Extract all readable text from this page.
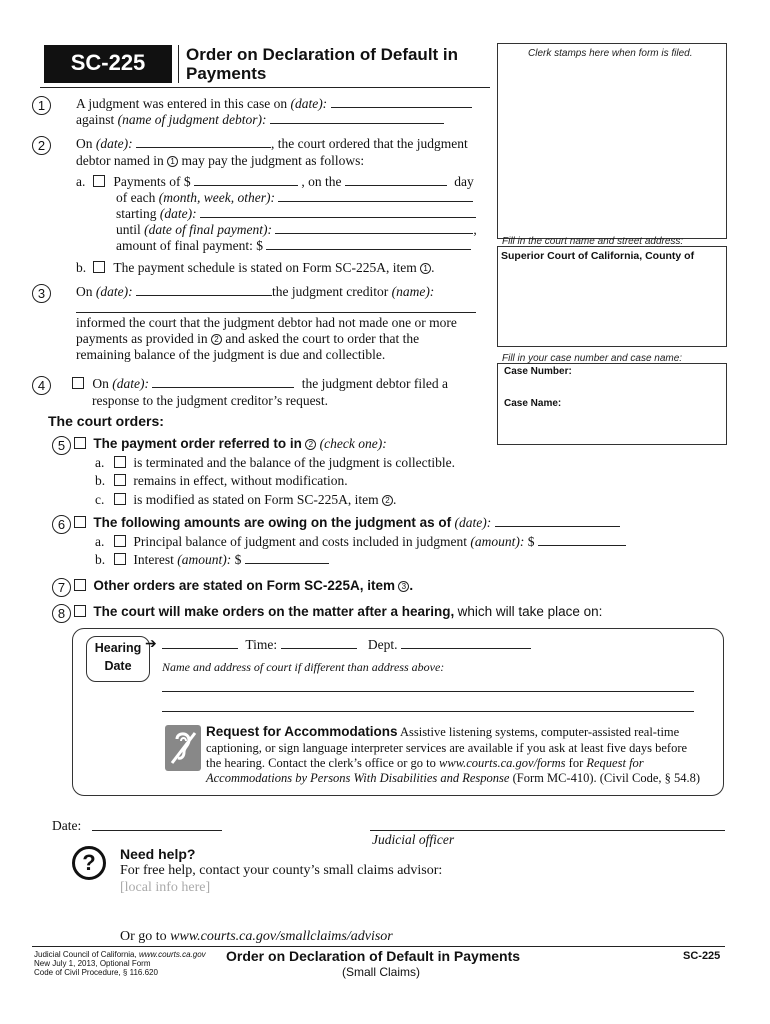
SC-225	Order on Declaration of Default in
Payments
Clerk stamps here when form is filed.
Fill in the court name and street address:
Superior Court of California, County of
Fill in your case number and case name:
Case Number:
Case Name:
1	A judgment was entered in this case on (date):
against (name of judgment debtor):
2	On (date):	, the court ordered that the judgment
debtor named in 1 may pay the judgment as follows:
a.	Payments of $	, on the	day
of each (month, week, other):
starting (date):
until (date of final payment):	,
amount of final payment: $
b.	The payment schedule is stated on Form SC-225A, item 1 .
3	On (date):	the judgment creditor (name):
informed the court that the judgment debtor had not made one or more
payments as provided in 2 and asked the court to order that the
remaining balance of the judgment is due and collectible.
4	On (date):	the judgment debtor filed a
response to the judgment creditor’s request.
The court orders:
5	The payment order referred to in 2 (check one):
a.	is terminated and the balance of the judgment is collectible.
b.	remains in effect, without modification.
c.	is modified as stated on Form SC-225A, item 2 .
6	The following amounts are owing on the judgment as of (date):
a.	Principal balance of judgment and costs included in judgment (amount): $
b.	Interest (amount): $
7	Other orders are stated on Form SC-225A, item 3 .
8	The court will make orders on the matter after a hearing, which will take place on:
Hearing
Date
➔	Time:	Dept.
Name and address of court if different than address above:
Request for Accommodations Assistive listening systems, computer-assisted real-time
captioning, or sign language interpreter services are available if you ask at least five days before
the hearing. Contact the clerk’s office or go to www.courts.ca.gov/forms for Request for
Accommodations by Persons With Disabilities and Response (Form MC-410). (Civil Code, § 54.8)
Date:
Judicial officer
?	Need help?
For free help, contact your county’s small claims advisor:
[local info here]
Or go to www.courts.ca.gov/smallclaims/advisor
Judicial Council of California, www.courts.ca.gov
New July 1, 2013, Optional Form
Code of Civil Procedure, § 116.620
Order on Declaration of Default in Payments
(Small Claims)
SC-225
